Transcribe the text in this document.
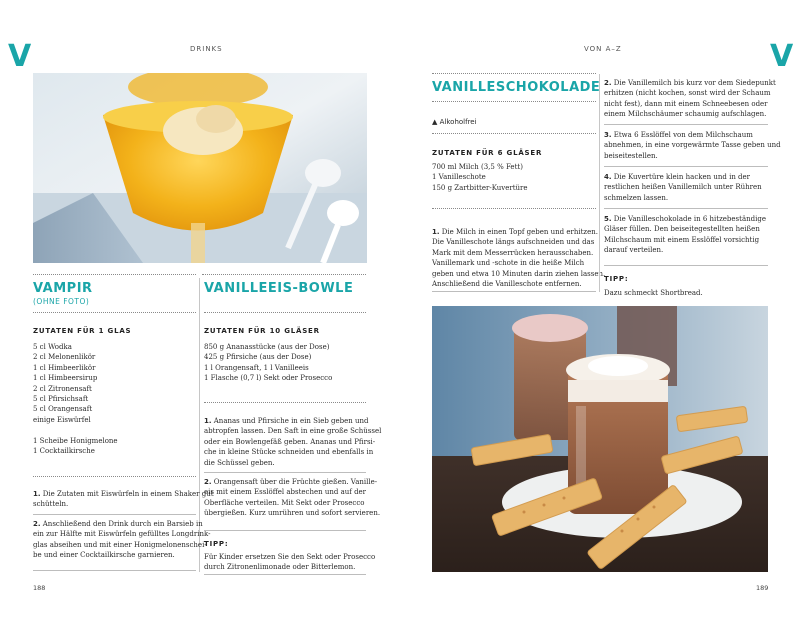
V	V
DRINKS	VON A–Z
VAMPIR
(OHNE FOTO)
ZUTATEN FÜR 1 GLAS
5 cl Wodka
2 cl Melonenlikör
1 cl Himbeerlikör
1 cl Himbeersirup
2 cl Zitronensaft
5 cl Pfirsichsaft
5 cl Orangensaft
einige Eiswürfel
1 Scheibe Honigmelone
1 Cocktailkirsche
1. Die Zutaten mit Eiswürfeln in einem Shaker gut
schütteln.
2. Anschließend den Drink durch ein Barsieb in
ein zur Hälfte mit Eiswürfeln gefülltes Longdrink-
glas abseihen und mit einer Honigmelonenschei-
be und einer Cocktailkirsche garnieren.
VANILLEEIS-BOWLE
ZUTATEN FÜR 10 GLÄSER
850 g Ananasstücke (aus der Dose)
425 g Pfirsiche (aus der Dose)
1 l Orangensaft, 1 l Vanilleeis
1 Flasche (0,7 l) Sekt oder Prosecco
1. Ananas und Pfirsiche in ein Sieb geben und
abtropfen lassen. Den Saft in eine große Schüssel
oder ein Bowlengefäß geben. Ananas und Pfirsi-
che in kleine Stücke schneiden und ebenfalls in
die Schüssel geben.
2. Orangensaft über die Früchte gießen. Vanille-
eis mit einem Esslöffel abstechen und auf der
Oberfläche verteilen. Mit Sekt oder Prosecco
übergießen. Kurz umrühren und sofort servieren.
TIPP:
Für Kinder ersetzen Sie den Sekt oder Prosecco
durch Zitronenlimonade oder Bitterlemon.
188
VANILLESCHOKOLADE
▲ Alkoholfrei
ZUTATEN FÜR 6 GLÄSER
700 ml Milch (3,5 % Fett)
1 Vanilleschote
150 g Zartbitter-Kuvertüre
1. Die Milch in einen Topf geben und erhitzen.
Die Vanilleschote längs aufschneiden und das
Mark mit dem Messerrücken herausschaben.
Vanillemark und -schote in die heiße Milch
geben und etwa 10 Minuten darin ziehen lassen.
Anschließend die Vanilleschote entfernen.
2. Die Vanillemilch bis kurz vor dem Siedepunkt
erhitzen (nicht kochen, sonst wird der Schaum
nicht fest), dann mit einem Schneebesen oder
einem Milchschäumer schaumig aufschlagen.
3. Etwa 6 Esslöffel von dem Milchschaum
abnehmen, in eine vorgewärmte Tasse geben und
beiseitestellen.
4. Die Kuvertüre klein hacken und in der
restlichen heißen Vanillemilch unter Rühren
schmelzen lassen.
5. Die Vanilleschokolade in 6 hitzebeständige
Gläser füllen. Den beiseitegestellten heißen
Milchschaum mit einem Esslöffel vorsichtig
darauf verteilen.
TIPP:
Dazu schmeckt Shortbread.
189
